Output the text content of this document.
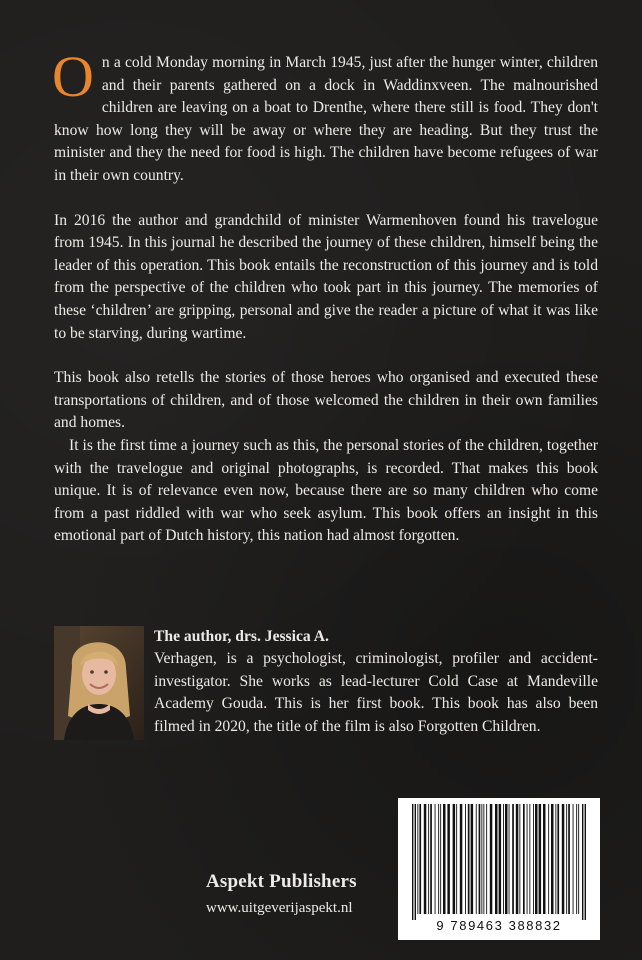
On a cold Monday morning in March 1945, just after the hunger winter, children and their parents gathered on a dock in Waddinxveen. The malnourished children are leaving on a boat to Drenthe, where there still is food. They don't know how long they will be away or where they are heading. But they trust the minister and they the need for food is high. The children have become refugees of war in their own country.

In 2016 the author and grandchild of minister Warmenhoven found his travelogue from 1945. In this journal he described the journey of these children, himself being the leader of this operation. This book entails the reconstruction of this journey and is told from the perspective of the children who took part in this journey. The memories of these ‘children’ are gripping, personal and give the reader a picture of what it was like to be starving, during wartime.

This book also retells the stories of those heroes who organised and executed these transportations of children, and of those welcomed the children in their own families and homes.

It is the first time a journey such as this, the personal stories of the children, together with the travelogue and original photographs, is recorded. That makes this book unique. It is of relevance even now, because there are so many children who come from a past riddled with war who seek asylum. This book offers an insight in this emotional part of Dutch history, this nation had almost forgotten.

The author, drs. Jessica A.
Verhagen, is a psychologist, criminologist, profiler and accident-investigator. She works as lead-lecturer Cold Case at Mandeville Academy Gouda. This is her first book. This book has also been filmed in 2020, the title of the film is also Forgotten Children.
Aspekt Publishers
www.uitgeverijaspekt.nl
9 789463 388832
